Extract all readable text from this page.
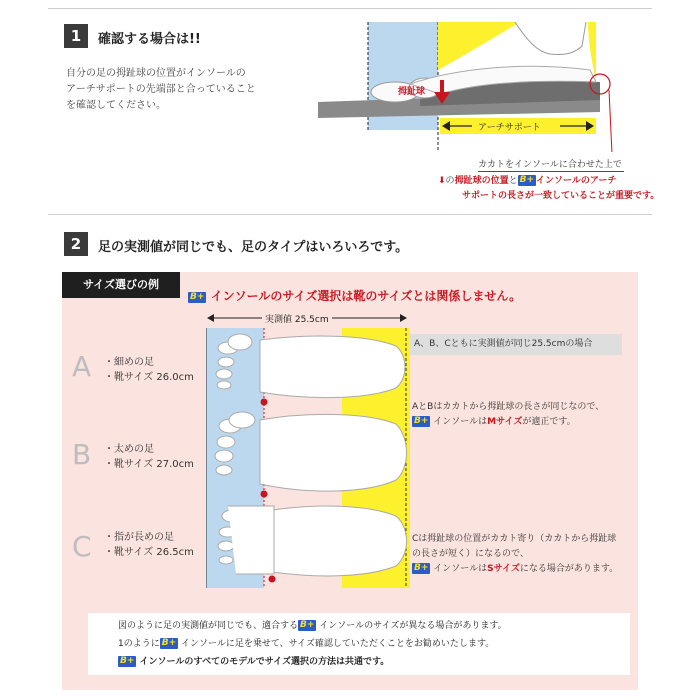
1	確認する場合は!!
自分の足の拇趾球の位置がインソールの
アーチサポートの先端部と合っていること
を確認してください。
拇趾球
アーチサポート
カカトをインソールに合わせた上で
⬇の拇趾球の位置と B+ インソールのアーチ
サポートの長さが一致していることが重要です。
2	足の実測値が同じでも、足のタイプはいろいろです。
サイズ選びの例
B+ インソールのサイズ選択は靴のサイズとは関係しません。
実測値 25.5cm
A ・細めの足
・靴サイズ 26.0cm
B ・太めの足
・靴サイズ 27.0cm
C ・指が長めの足
・靴サイズ 26.5cm
A、B、Cともに実測値が同じ25.5cmの場合
AとBはカカトから拇趾球の長さが同じなので、
B+ インソールはMサイズが適正です。
Cは拇趾球の位置がカカト寄り（カカトから拇趾球
の長さが短く）になるので、
B+ インソールはSサイズになる場合があります。
図のように足の実測値が同じでも、適合する B+ インソールのサイズが異なる場合があります。
1のように B+ インソールに足を乗せて、サイズ確認していただくことをお勧めいたします。
B+ インソールのすべてのモデルでサイズ選択の方法は共通です。
